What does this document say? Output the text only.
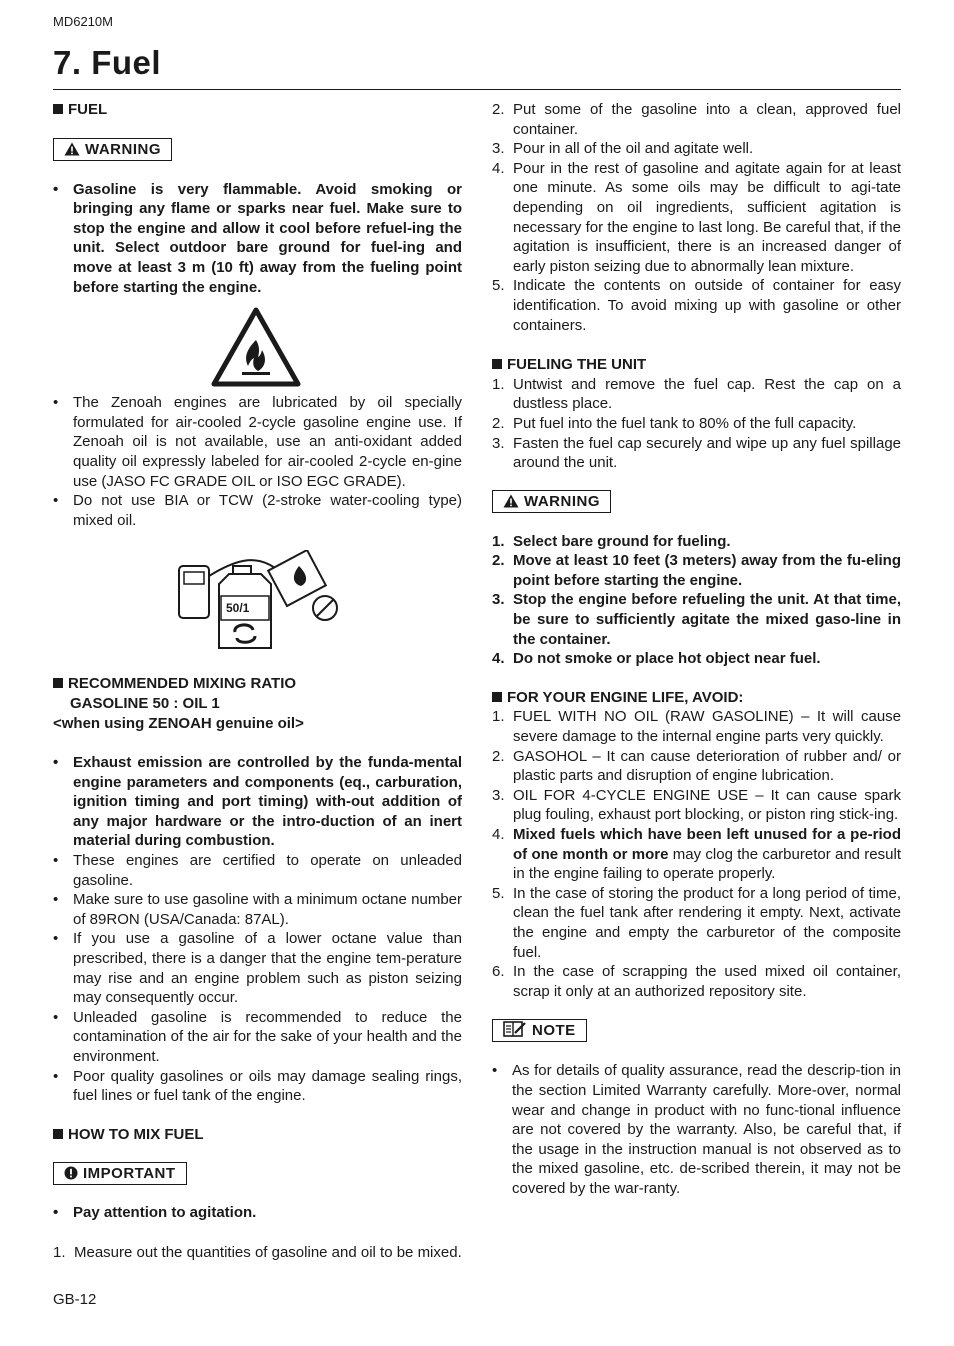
MD6210M
7. Fuel
FUEL
WARNING
• Gasoline is very flammable. Avoid smoking or bringing any flame or sparks near fuel. Make sure to stop the engine and allow it cool before refuel-ing the unit. Select outdoor bare ground for fuel-ing and move at least 3 m (10 ft) away from the fueling point before starting the engine.
• The Zenoah engines are lubricated by oil specially formulated for air-cooled 2-cycle gasoline engine use. If Zenoah oil is not available, use an anti-oxidant added quality oil expressly labeled for air-cooled 2-cycle en-gine use (JASO FC GRADE OIL or ISO EGC GRADE).
• Do not use BIA or TCW (2-stroke water-cooling type) mixed oil.
50/1
RECOMMENDED MIXING RATIO
GASOLINE 50 : OIL 1
<when using ZENOAH genuine oil>
• Exhaust emission are controlled by the funda-mental engine parameters and components (eq., carburation, ignition timing and port timing) with-out addition of any major hardware or the intro-duction of an inert material during combustion.
• These engines are certified to operate on unleaded gasoline.
• Make sure to use gasoline with a minimum octane number of 89RON (USA/Canada: 87AL).
• If you use a gasoline of a lower octane value than prescribed, there is a danger that the engine tem-perature may rise and an engine problem such as piston seizing may consequently occur.
• Unleaded gasoline is recommended to reduce the contamination of the air for the sake of your health and the environment.
• Poor quality gasolines or oils may damage sealing rings, fuel lines or fuel tank of the engine.
HOW TO MIX FUEL
IMPORTANT
• Pay attention to agitation.
1. Measure out the quantities of gasoline and oil to be mixed.
2. Put some of the gasoline into a clean, approved fuel container.
3. Pour in all of the oil and agitate well.
4. Pour in the rest of gasoline and agitate again for at least one minute. As some oils may be difficult to agi-tate depending on oil ingredients, sufficient agitation is necessary for the engine to last long. Be careful that, if the agitation is insufficient, there is an increased danger of early piston seizing due to abnormally lean mixture.
5. Indicate the contents on outside of container for easy identification. To avoid mixing up with gasoline or other containers.
FUELING THE UNIT
1. Untwist and remove the fuel cap. Rest the cap on a dustless place.
2. Put fuel into the fuel tank to 80% of the full capacity.
3. Fasten the fuel cap securely and wipe up any fuel spillage around the unit.
WARNING
1. Select bare ground for fueling.
2. Move at least 10 feet (3 meters) away from the fu-eling point before starting the engine.
3. Stop the engine before refueling the unit. At that time, be sure to sufficiently agitate the mixed gaso-line in the container.
4. Do not smoke or place hot object near fuel.
FOR YOUR ENGINE LIFE, AVOID:
1. FUEL WITH NO OIL (RAW GASOLINE) – It will cause severe damage to the internal engine parts very quickly.
2. GASOHOL – It can cause deterioration of rubber and/ or plastic parts and disruption of engine lubrication.
3. OIL FOR 4-CYCLE ENGINE USE – It can cause spark plug fouling, exhaust port blocking, or piston ring stick-ing.
4. Mixed fuels which have been left unused for a pe-riod of one month or more may clog the carburetor and result in the engine failing to operate properly.
5. In the case of storing the product for a long period of time, clean the fuel tank after rendering it empty. Next, activate the engine and empty the carburetor of the composite fuel.
6. In the case of scrapping the used mixed oil container, scrap it only at an authorized repository site.
NOTE
• As for details of quality assurance, read the descrip-tion in the section Limited Warranty carefully. More-over, normal wear and change in product with no func-tional influence are not covered by the warranty. Also, be careful that, if the usage in the instruction manual is not observed as to the mixed gasoline, etc. de-scribed therein, it may not be covered by the war-ranty.
GB-12
